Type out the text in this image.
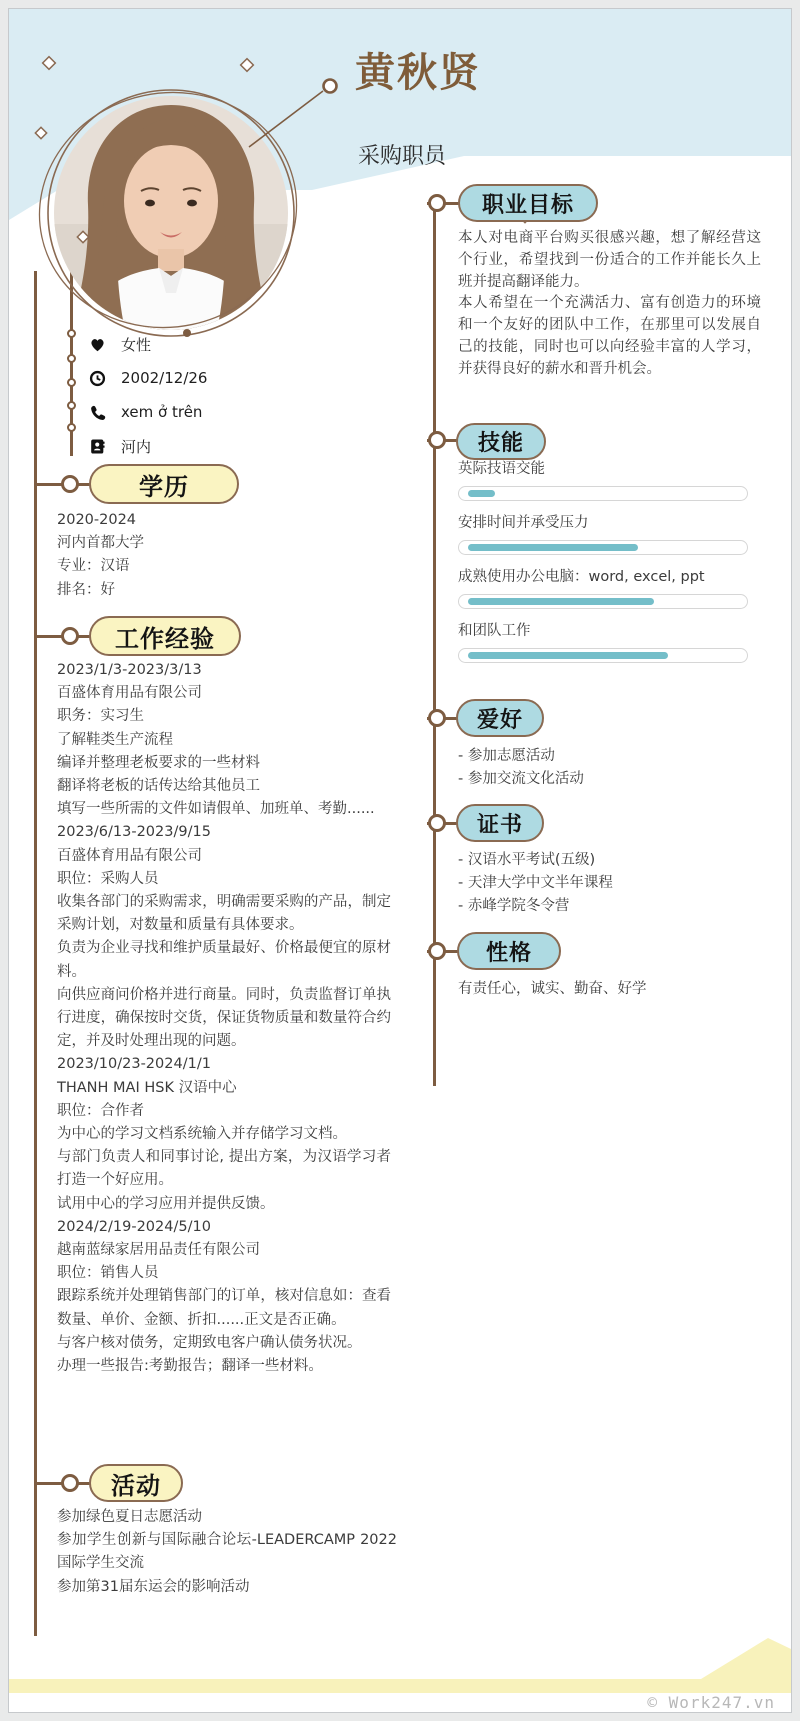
黄秋贤
采购职员
女性
2002/12/26
xem ở trên
河内
学历
工作经验
活动
职业目标
技能
爱好
证书
性格
2020-2024
河内首都大学
专业：汉语
排名：好
2023/1/3-2023/3/13
百盛体育用品有限公司
职务：实习生
了解鞋类生产流程
编译并整理老板要求的一些材料
翻译将老板的话传达给其他员工
填写一些所需的文件如请假单、加班单、考勤......
2023/6/13-2023/9/15
百盛体育用品有限公司
职位：采购人员
收集各部门的采购需求，明确需要采购的产品，制定采购计划，对数量和质量有具体要求。
负责为企业寻找和维护质量最好、价格最便宜的原材料。
向供应商问价格并进行商量。同时，负责监督订单执行进度，确保按时交货，保证货物质量和数量符合约定，并及时处理出现的问题。
2023/10/23-2024/1/1
THANH MAI HSK 汉语中心
职位：合作者
为中心的学习文档系统输入并存储学习文档。
与部门负责人和同事讨论, 提出方案，为汉语学习者打造一个好应用。
试用中心的学习应用并提供反馈。
2024/2/19-2024/5/10
越南蓝绿家居用品责任有限公司
职位：销售人员
跟踪系统并处理销售部门的订单，核对信息如：查看数量、单价、金额、折扣......正文是否正确。
与客户核对债务，定期致电客户确认债务状况。
办理一些报告:考勤报告；翻译一些材料。
参加绿色夏日志愿活动
参加学生创新与国际融合论坛-LEADERCAMP 2022国际学生交流
参加第31届东运会的影响活动
本人对电商平台购买很感兴趣，想了解经营这个行业，希望找到一份适合的工作并能长久上班并提高翻译能力。
本人希望在一个充满活力、富有创造力的环境和一个友好的团队中工作，在那里可以发展自己的技能，同时也可以向经验丰富的人学习，并获得良好的薪水和晋升机会。
英际技语交能
安排时间并承受压力
成熟使用办公电脑：word, excel, ppt
和团队工作
- 参加志愿活动
- 参加交流文化活动
- 汉语水平考试(五级)
- 天津大学中文半年课程
- 赤峰学院冬令营
有责任心，诚实、勤奋、好学
© Work247.vn
